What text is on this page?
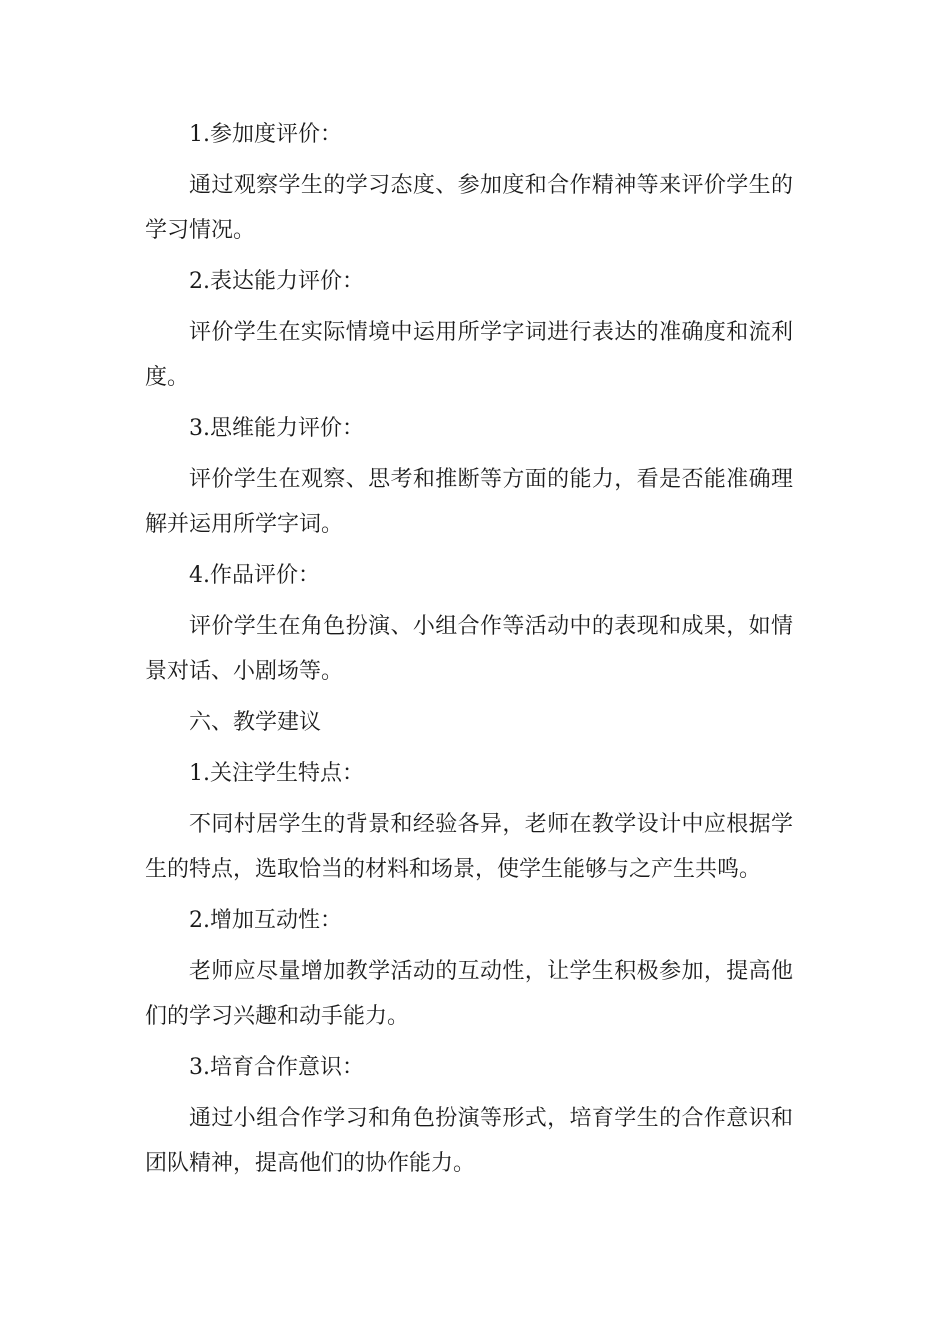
1.参加度评价：

通过观察学生的学习态度、参加度和合作精神等来评价学生的学习情况。

2.表达能力评价：

评价学生在实际情境中运用所学字词进行表达的准确度和流利度。

3.思维能力评价：

评价学生在观察、思考和推断等方面的能力，看是否能准确理解并运用所学字词。

4.作品评价：

评价学生在角色扮演、小组合作等活动中的表现和成果，如情景对话、小剧场等。

六、教学建议

1.关注学生特点：

不同村居学生的背景和经验各异，老师在教学设计中应根据学生的特点，选取恰当的材料和场景，使学生能够与之产生共鸣。

2.增加互动性：

老师应尽量增加教学活动的互动性，让学生积极参加，提高他们的学习兴趣和动手能力。

3.培育合作意识：

通过小组合作学习和角色扮演等形式，培育学生的合作意识和团队精神，提高他们的协作能力。
